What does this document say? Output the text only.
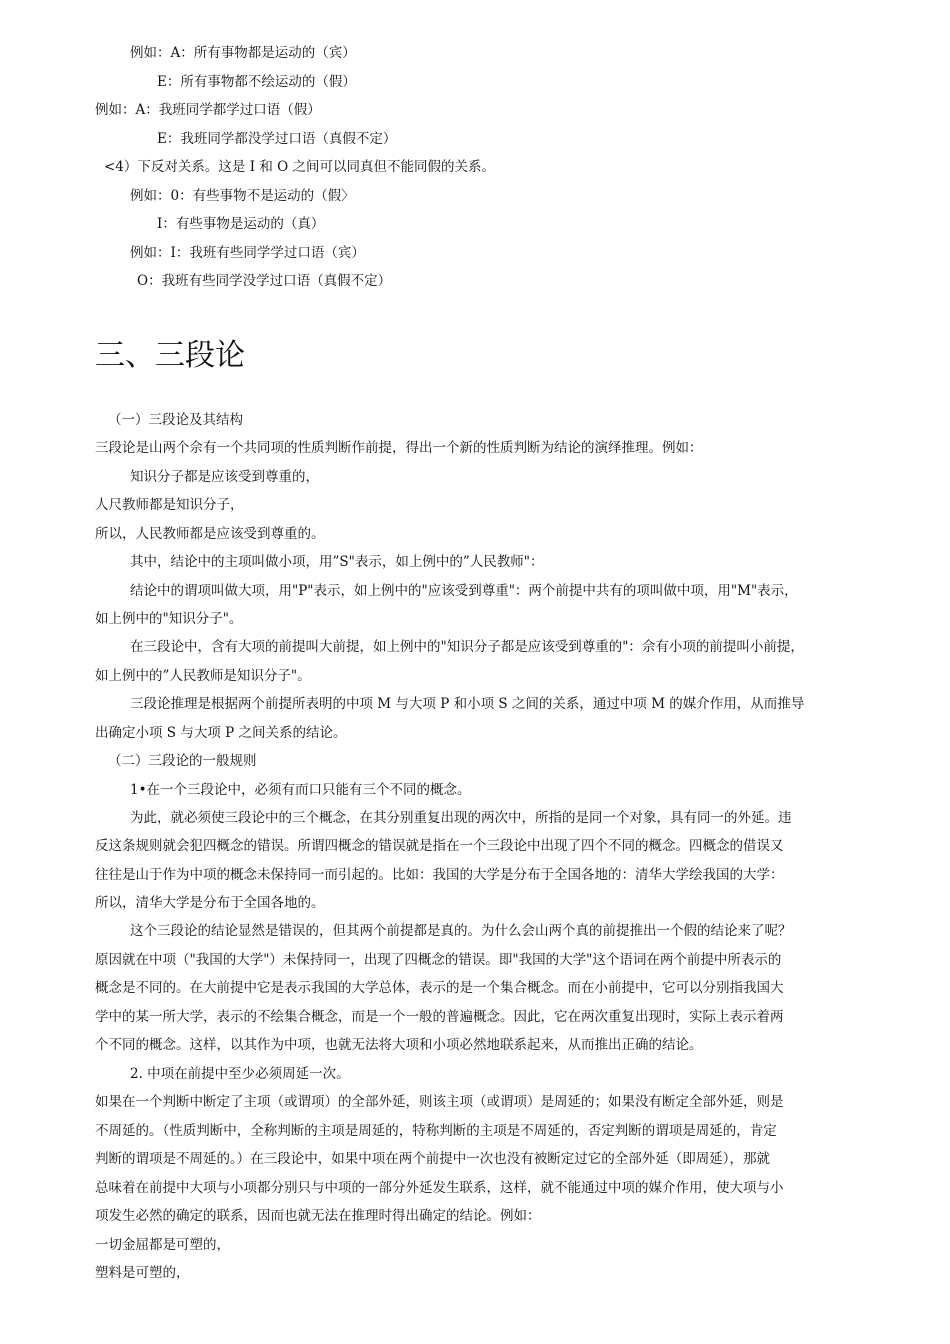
例如：A：所有事物都是运动的（宾）
E：所有事物都不绘运动的（假）
例如：A：我班同学都学过口语（假）
E：我班同学都没学过口语（真假不定）
<4）下反对关系。这是 I 和 O 之间可以同真但不能同假的关系。
例如：0：有些事物不是运动的（假〉
I：有些事物是运动的（真）
例如：I：我班有些同学学过口语（宾）
O：我班有些同学没学过口语（真假不定）
三、三段论
（一）三段论及其结构
三段论是山两个佘有一个共同项的性质判断作前提，得出一个新的性质判断为结论的演绎推理。例如：
知识分子都是应该受到尊重的，
人尺教师都是知识分子，
所以，人民教师都是应该受到尊重的。
其中，结论中的主项叫做小项，用”S"表示，如上例中的”人民教师"：
结论中的谓项叫做大项，用"P"表示，如上例中的"应该受到尊重"：两个前提中共有的项叫做中项，用"M"表示，
如上例中的"知识分子"。
在三段论中，含有大项的前提叫大前提，如上例中的"知识分子都是应该受到尊重的"：佘有小项的前提叫小前提，
如上例中的”人民教师是知识分子"。
三段论推理是根据两个前提所表明的中项 M 与大项 P 和小项 S 之间的关系，通过中项 M 的媒介作用，从而推导
出确定小项 S 与大项 P 之间关系的结论。
（二）三段论的一般规则
1•在一个三段论中，必须有而口只能有三个不同的概念。
为此，就必须使三段论中的三个概念，在其分别重复出现的两次中，所指的是同一个对象，具有同一的外延。违
反这条规则就会犯四概念的错误。所谓四概念的错误就是指在一个三段论中出现了四个不同的概念。四概念的借误又
往往是山于作为中项的概念未保持同一而引起的。比如：我国的大学是分布于全国各地的：清华大学绘我国的大学：
所以，清华大学是分布于全国各地的。
这个三段论的结论显然是错误的，但其两个前提都是真的。为什么会山两个真的前提推出一个假的结论来了呢？
原因就在中项（"我国的大学"）未保持同一，出现了四概念的错误。即"我国的大学"这个语词在两个前提中所表示的
概念是不同的。在大前提中它是表示我国的大学总体，表示的是一个集合概念。而在小前提中，它可以分别指我国大
学中的某一所大学，表示的不绘集合概念，而是一个一般的普遍概念。因此，它在两次重复出现时，实际上表示着两
个不同的概念。这样，以其作为中项，也就无法将大项和小项必然地联系起来，从而推出正确的结论。
2. 中项在前提中至少必须周延一次。
如果在一个判断中断定了主项（或谓项）的全部外延，则该主项（或谓项）是周延的；如果没有断定全部外延，则是
不周延的。（性质判断中，全称判断的主项是周延的，特称判断的主项是不周延的，否定判断的谓项是周延的，肯定
判断的谓项是不周延的。）在三段论中，如果中项在两个前提中一次也没有被断定过它的全部外延（即周延），那就
总味着在前提中大项与小项都分别只与中项的一部分外延发生联系，这样，就不能通过中项的媒介作用，使大项与小
项发生必然的确定的联系，因而也就无法在推理时得出确定的结论。例如：
一切金屈都是可塑的，
塑料是可塑的，
